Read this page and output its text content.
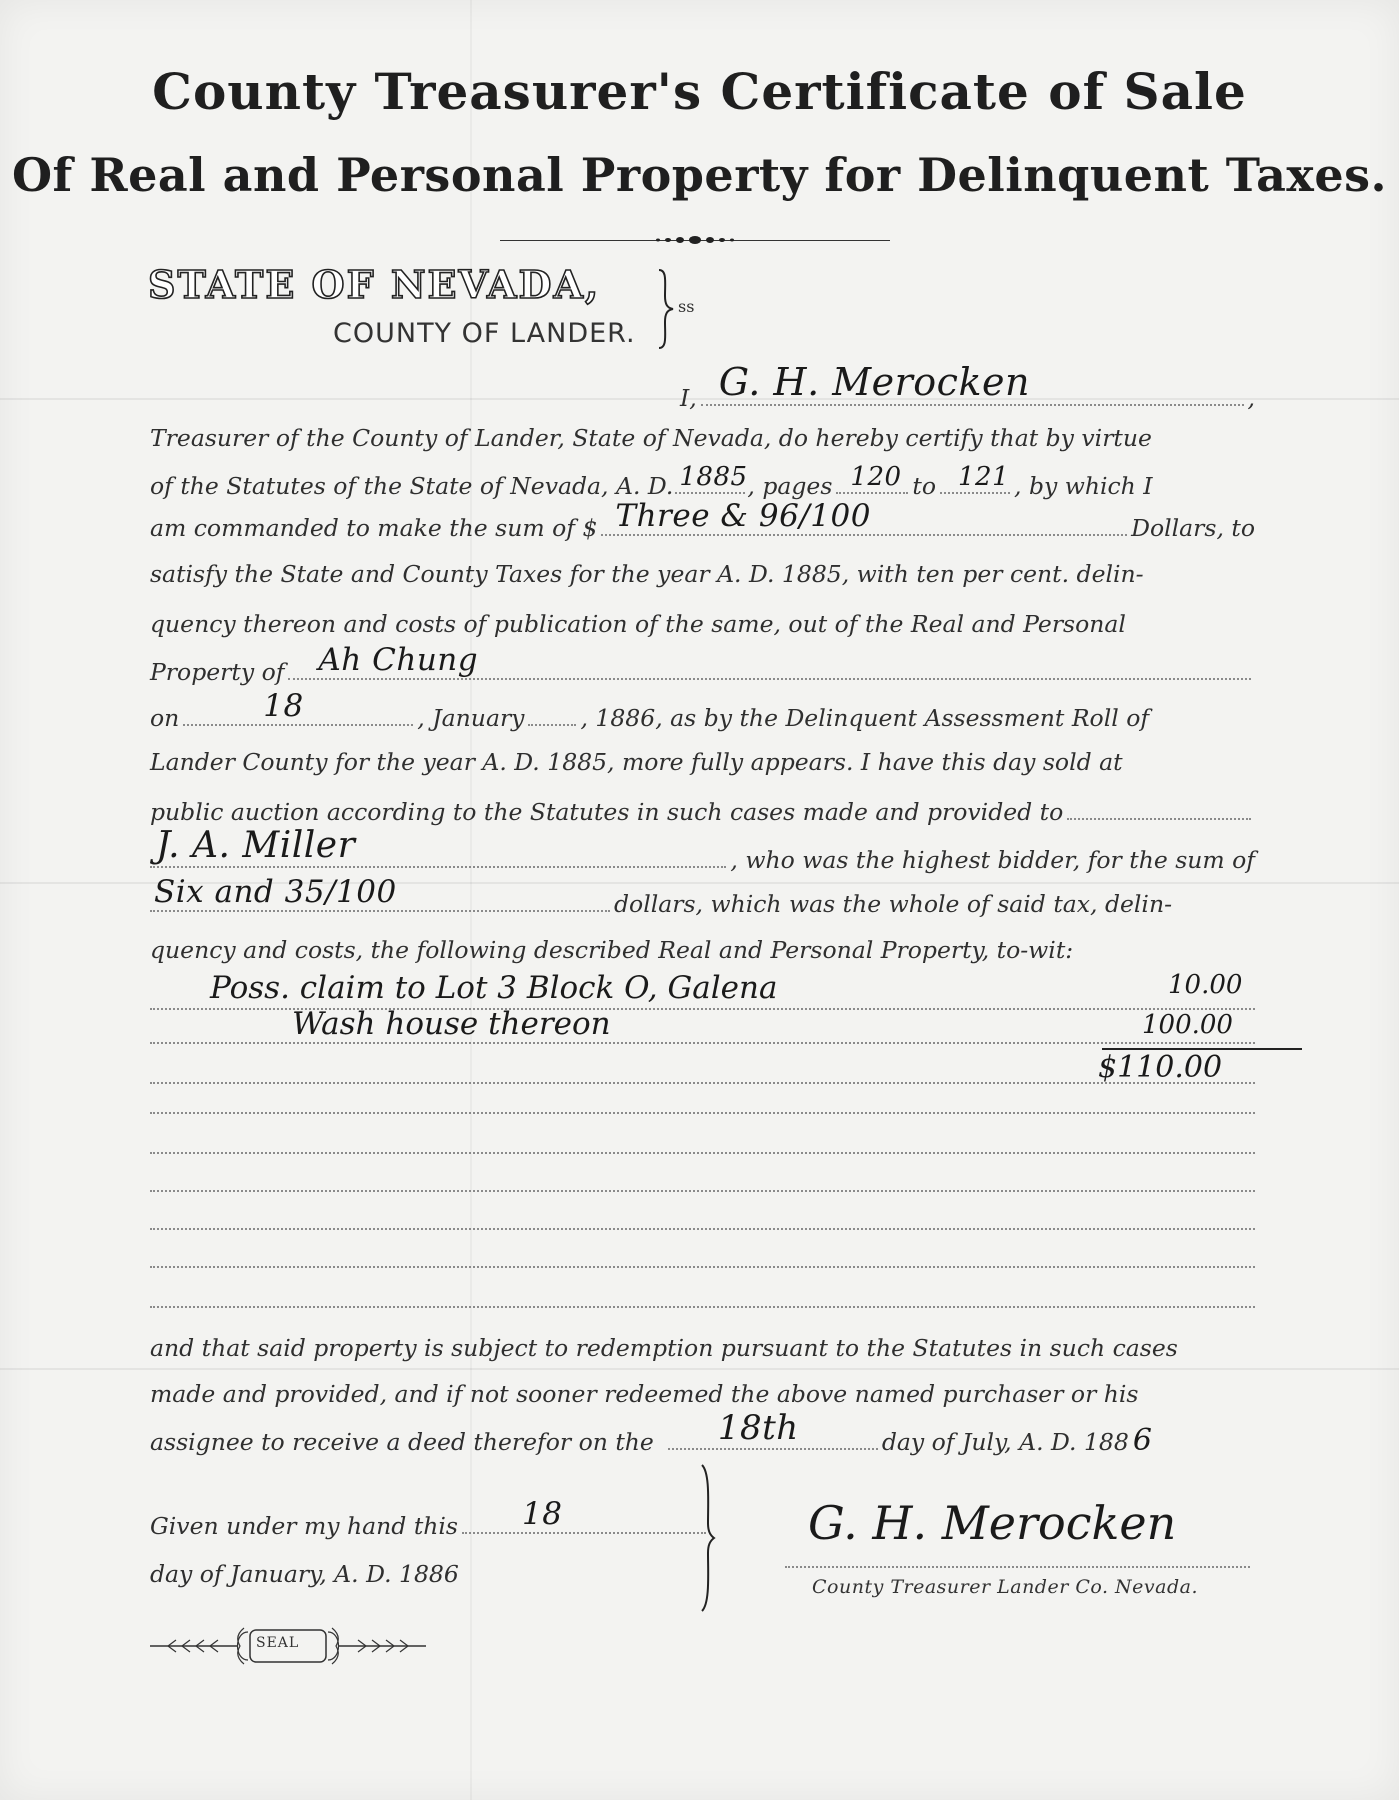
County Treasurer's Certificate of Sale
Of Real and Personal Property for Delinquent Taxes.
STATE OF NEVADA,
COUNTY OF LANDER.
ss
I, G. H. Merocken	,
Treasurer of the County of Lander, State of Nevada, do hereby certify that by virtue
of the Statutes of the State of Nevada, A. D. 1885 , pages 120 to 121 , by which I
am commanded to make the sum of $ Three & 96/100	Dollars, to
satisfy the State and County Taxes for the year A. D. 1885, with ten per cent. delin-
quency thereon and costs of publication of the same, out of the Real and Personal
Property of Ah Chung
on	18	, January , 1886, as by the Delinquent Assessment Roll of
Lander County for the year A. D. 1885, more fully appears. I have this day sold at
public auction according to the Statutes in such cases made and provided to
J. A. Miller	, who was the highest bidder, for the sum of
Six and 35/100	dollars, which was the whole of said tax, delin-
quency and costs, the following described Real and Personal Property, to-wit:
Poss. claim to Lot 3 Block O, Galena	10.00
Wash house thereon	100.00
$110.00
and that said property is subject to redemption pursuant to the Statutes in such cases
made and provided, and if not sooner redeemed the above named purchaser or his
assignee to receive a deed therefor on the 18th	day of July, A. D. 188 6
Given under my hand this 18
day of January, A. D. 1886
G. H. Merocken
County Treasurer Lander Co. Nevada.
SEAL
